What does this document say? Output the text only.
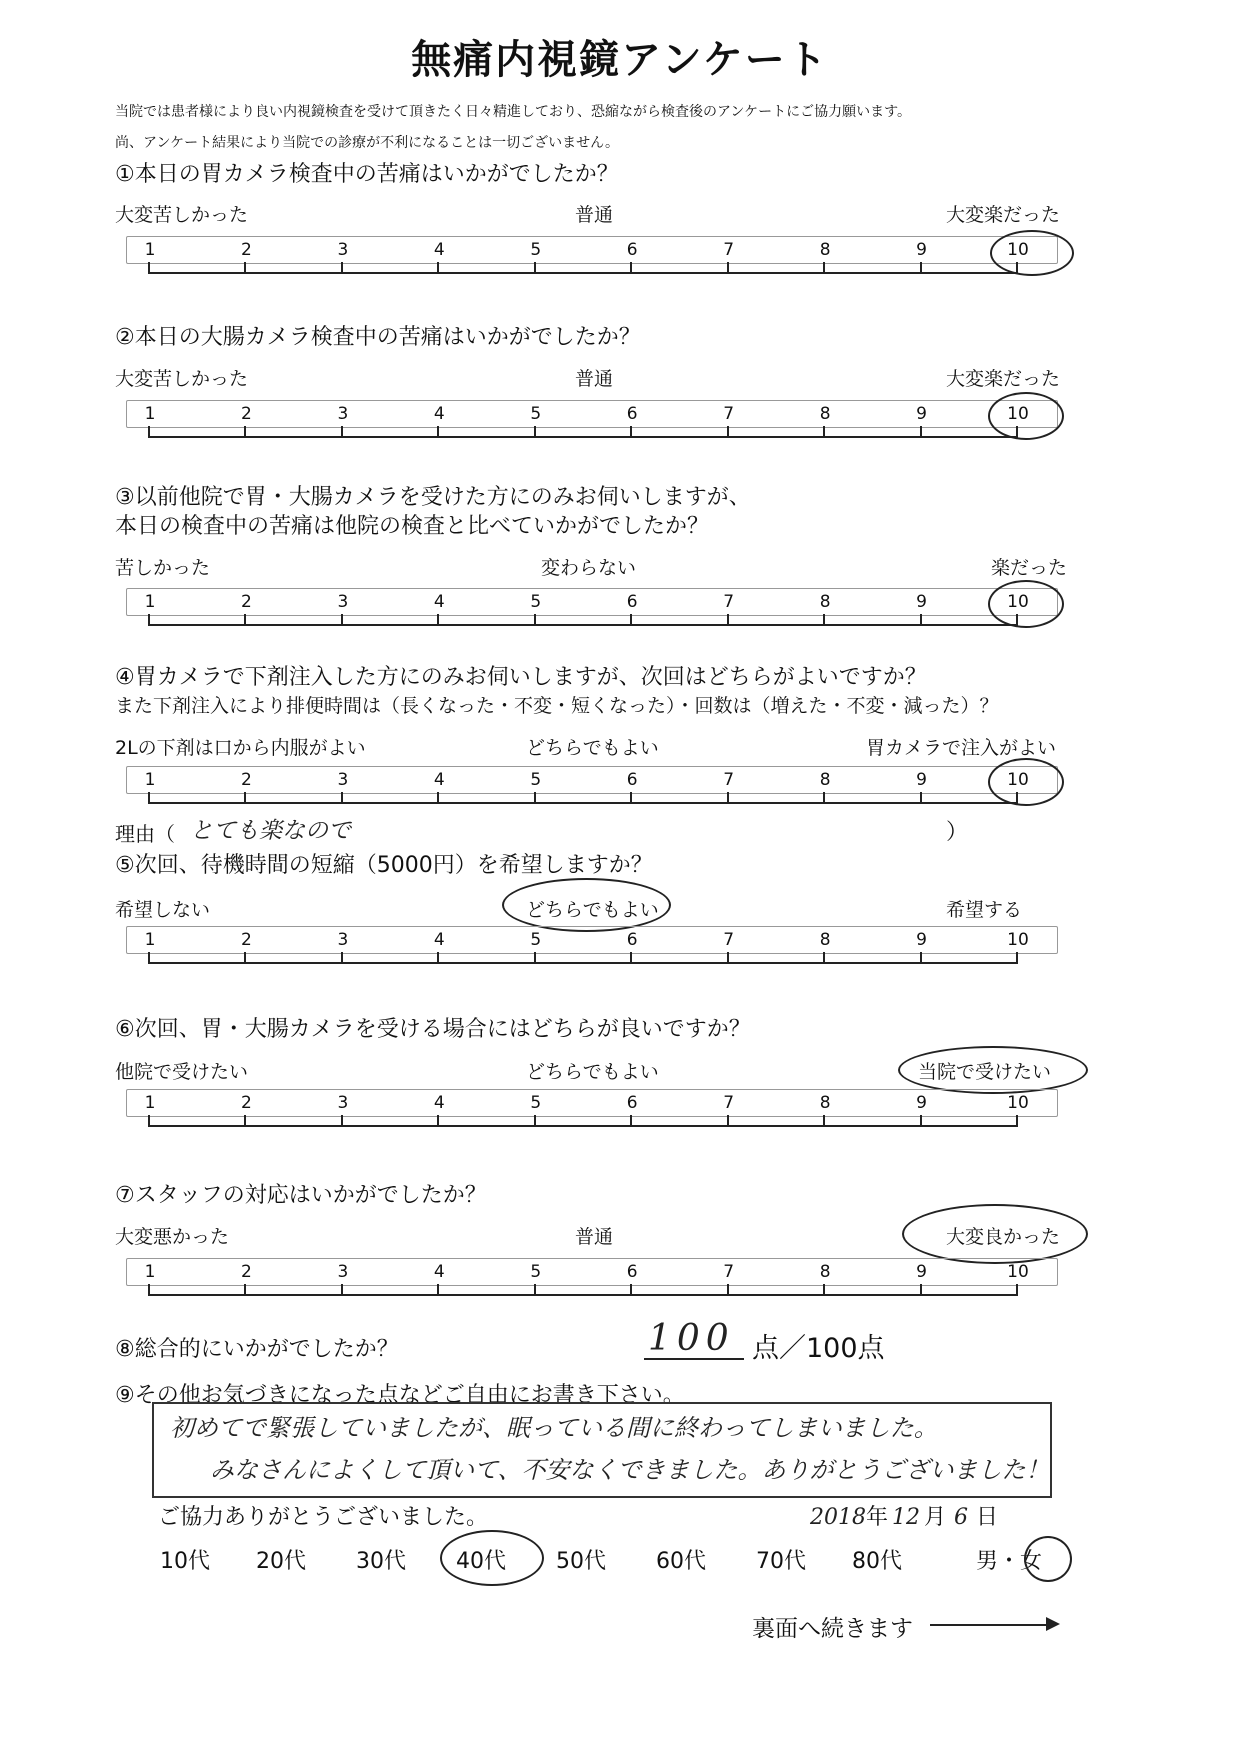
無痛内視鏡アンケート
当院では患者様により良い内視鏡検査を受けて頂きたく日々精進しており、恐縮ながら検査後のアンケートにご協力願います。
尚、アンケート結果により当院での診療が不利になることは一切ございません。
①本日の胃カメラ検査中の苦痛はいかがでしたか？
大変苦しかった	普通	大変楽だった
1	2	3	4	5	6	7	8	9	10
②本日の大腸カメラ検査中の苦痛はいかがでしたか？
大変苦しかった	普通	大変楽だった
1	2	3	4	5	6	7	8	9	10
③以前他院で胃・大腸カメラを受けた方にのみお伺いしますが、
本日の検査中の苦痛は他院の検査と比べていかがでしたか？
苦しかった	変わらない	楽だった
1	2	3	4	5	6	7	8	9	10
④胃カメラで下剤注入した方にのみお伺いしますが、次回はどちらがよいですか？
また下剤注入により排便時間は（長くなった・不変・短くなった）・回数は（増えた・不変・減った）？
2Lの下剤は口から内服がよい	どちらでもよい	胃カメラで注入がよい
1	2	3	4	5	6	7	8	9	10
理由（ とても楽なので	）
⑤次回、待機時間の短縮（5000円）を希望しますか？
希望しない	どちらでもよい	希望する
1	2	3	4	5	6	7	8	9	10
⑥次回、胃・大腸カメラを受ける場合にはどちらが良いですか？
他院で受けたい	どちらでもよい	当院で受けたい
1	2	3	4	5	6	7	8	9	10
⑦スタッフの対応はいかがでしたか？
大変悪かった	普通	大変良かった
1	2	3	4	5	6	7	8	9	10
⑧総合的にいかがでしたか？	100 点／100点
⑨その他お気づきになった点などご自由にお書き下さい。
初めてで緊張していましたが、眠っている間に終わってしまいました。
みなさんによくして頂いて、不安なくできました。ありがとうございました！
ご協力ありがとうございました。	2018年 12 月 6 日
10代 20代 30代 40代 50代 60代 70代 80代	男・女
裏面へ続きます
